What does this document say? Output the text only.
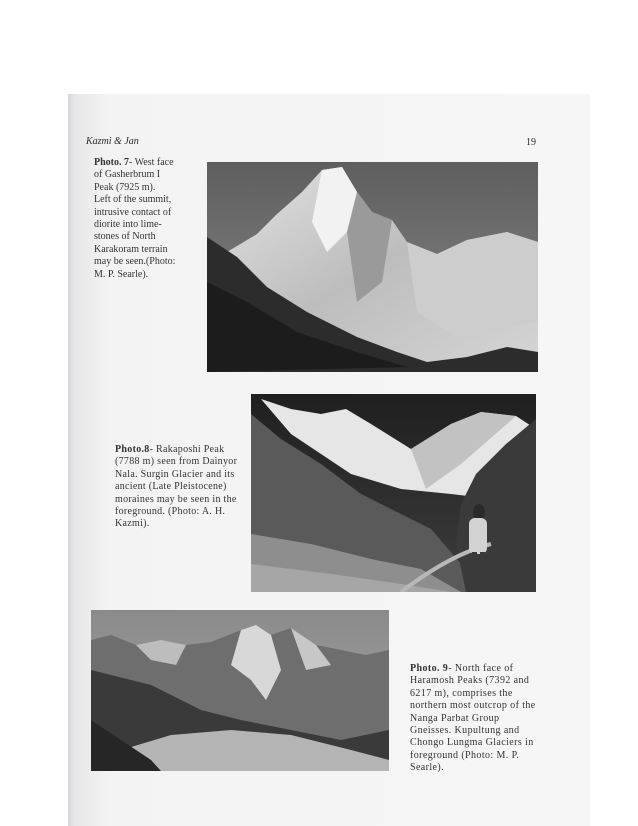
Kazmi & Jan	19
Photo. 7- West face
of Gasherbrum I
Peak (7925 m).
Left of the summit,
intrusive contact of
diorite into lime-
stones of North
Karakoram terrain
may be seen.(Photo:
M. P. Searle).
Photo.8- Rakaposhi Peak
(7788 m) seen from Dainyor
Nala. Surgin Glacier and its
ancient (Late Pleistocene)
moraines may be seen in the
foreground. (Photo: A. H.
Kazmi).
Photo. 9- North face of
Haramosh Peaks (7392 and
6217 m), comprises the
northern most outcrop of the
Nanga Parbat Group
Gneisses. Kupultung and
Chongo Lungma Glaciers in
foreground (Photo: M. P.
Searle).
